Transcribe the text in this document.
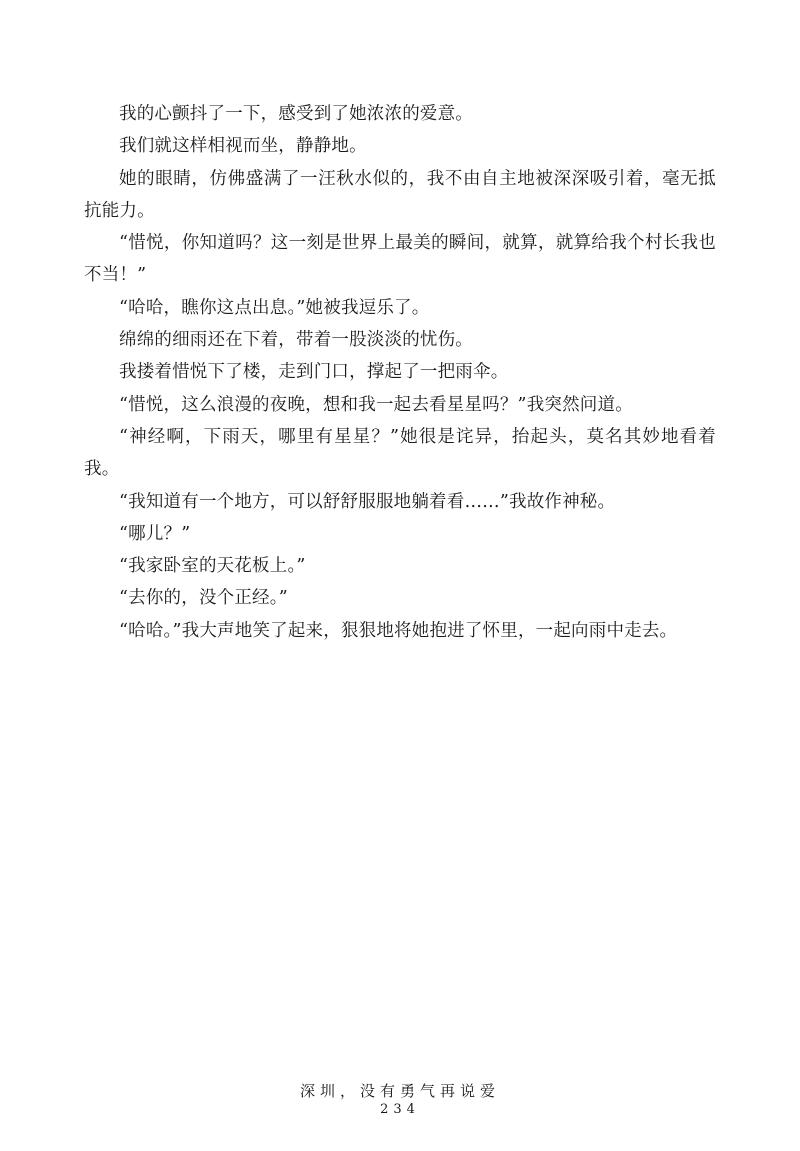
我的心颤抖了一下，感受到了她浓浓的爱意。

我们就这样相视而坐，静静地。

她的眼睛，仿佛盛满了一汪秋水似的，我不由自主地被深深吸引着，毫无抵抗能力。

“惜悦，你知道吗？这一刻是世界上最美的瞬间，就算，就算给我个村长我也不当！”

“哈哈，瞧你这点出息。”她被我逗乐了。

绵绵的细雨还在下着，带着一股淡淡的忧伤。

我搂着惜悦下了楼，走到门口，撑起了一把雨伞。

“惜悦，这么浪漫的夜晚，想和我一起去看星星吗？”我突然问道。

“神经啊，下雨天，哪里有星星？”她很是诧异，抬起头，莫名其妙地看着我。

“我知道有一个地方，可以舒舒服服地躺着看……”我故作神秘。

“哪儿？”

“我家卧室的天花板上。”

“去你的，没个正经。”

“哈哈。”我大声地笑了起来，狠狠地将她抱进了怀里，一起向雨中走去。

深圳，没有勇气再说爱
234
